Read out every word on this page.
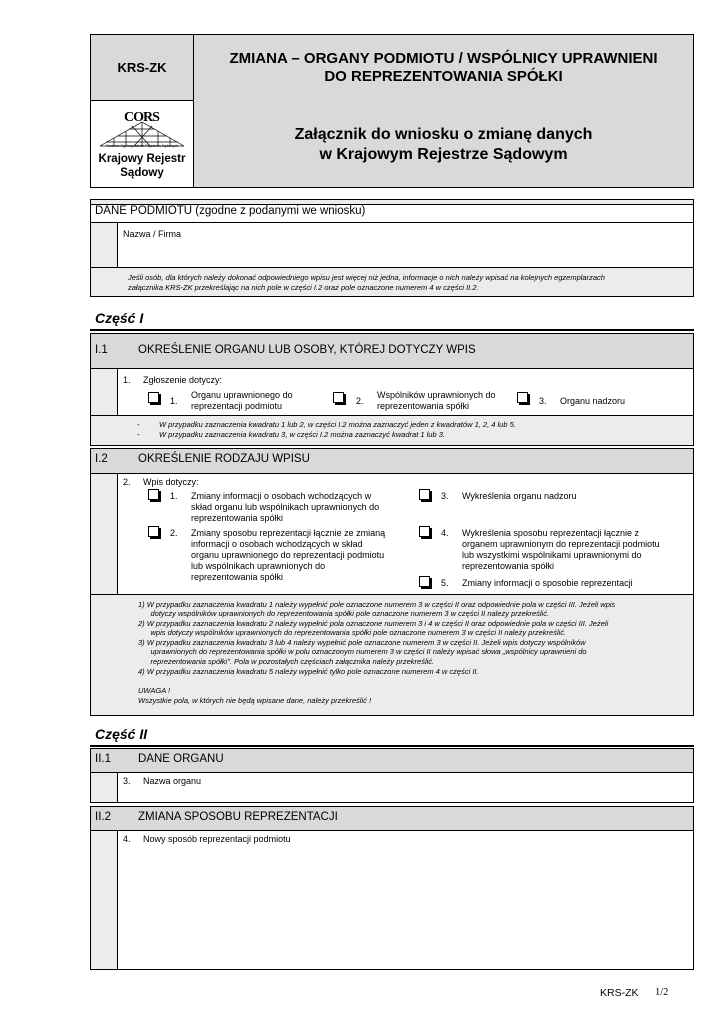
KRS-ZK
ZMIANA – ORGANY PODMIOTU / WSPÓLNICY UPRAWNIENI
DO REPREZENTOWANIA SPÓŁKI
Załącznik do wniosku o zmianę danych
w Krajowym Rejestrze Sądowym
CORS
Centrum Ogólnopolskich Rejestrów Sądowych
Krajowy Rejestr
Sądowy
DANE PODMIOTU (zgodne z podanymi we wniosku)
Nazwa / Firma
Jeśli osób, dla których należy dokonać odpowiedniego wpisu jest więcej niż jedna, informacje o nich należy wpisać na kolejnych egzemplarzach
załącznika KRS-ZK przekreślając na nich pole w części I.2 oraz pole oznaczone numerem 4 w części II.2.
Część I
I.1	OKREŚLENIE ORGANU LUB OSOBY, KTÓREJ DOTYCZY WPIS
1. Zgłoszenie dotyczy:
1.
Organu uprawnionego do
reprezentacji podmiotu	2.
Wspólników uprawnionych do
reprezentowania spółki	3. Organu nadzoru
-	W przypadku zaznaczenia kwadratu 1 lub 2, w części I.2 można zaznaczyć jeden z kwadratów 1, 2, 4 lub 5.
-	W przypadku zaznaczenia kwadratu 3, w części I.2 można zaznaczyć kwadrat 1 lub 3.
I.2	OKREŚLENIE RODZAJU WPISU
2. Wpis dotyczy:
1. Zmiany informacji o osobach wchodzących w
skład organu lub wspólnikach uprawnionych do
reprezentowania spółki
2. Zmiany sposobu reprezentacji łącznie ze zmianą
informacji o osobach wchodzących w skład
organu uprawnionego do reprezentacji podmiotu
lub wspólnikach uprawnionych do
reprezentowania spółki
3. Wykreślenia organu nadzoru
4. Wykreślenia sposobu reprezentacji łącznie z
organem uprawnionym do reprezentacji podmiotu
lub wszystkimi wspólnikami uprawnionymi do
reprezentowania spółki
5. Zmiany informacji o sposobie reprezentacji
1) W przypadku zaznaczenia kwadratu 1 należy wypełnić pole oznaczone numerem 3 w części II oraz odpowiednie pola w części III. Jeżeli wpis
dotyczy wspólników uprawnionych do reprezentowania spółki pole oznaczone numerem 3 w części II należy przekreślić.
2) W przypadku zaznaczenia kwadratu 2 należy wypełnić pola oznaczone numerem 3 i 4 w części II oraz odpowiednie pola w części III. Jeżeli
wpis dotyczy wspólników uprawnionych do reprezentowania spółki pole oznaczone numerem 3 w części II należy przekreślić.
3) W przypadku zaznaczenia kwadratu 3 lub 4 należy wypełnić pole oznaczone numerem 3 w części II. Jeżeli wpis dotyczy wspólników
uprawnionych do reprezentowania spółki w polu oznaczonym numerem 3 w części II należy wpisać słowa „wspólnicy uprawnieni do
reprezentowania spółki". Pola w pozostałych częściach załącznika należy przekreślić.
4) W przypadku zaznaczenia kwadratu 5 należy wypełnić tylko pole oznaczone numerem 4 w części II.
UWAGA !
Wszystkie pola, w których nie będą wpisane dane, należy przekreślić !
Część II
II.1 DANE ORGANU
3. Nazwa organu
II.2 ZMIANA SPOSOBU REPREZENTACJI
4. Nowy sposób reprezentacji podmiotu
KRS-ZK 1/2
